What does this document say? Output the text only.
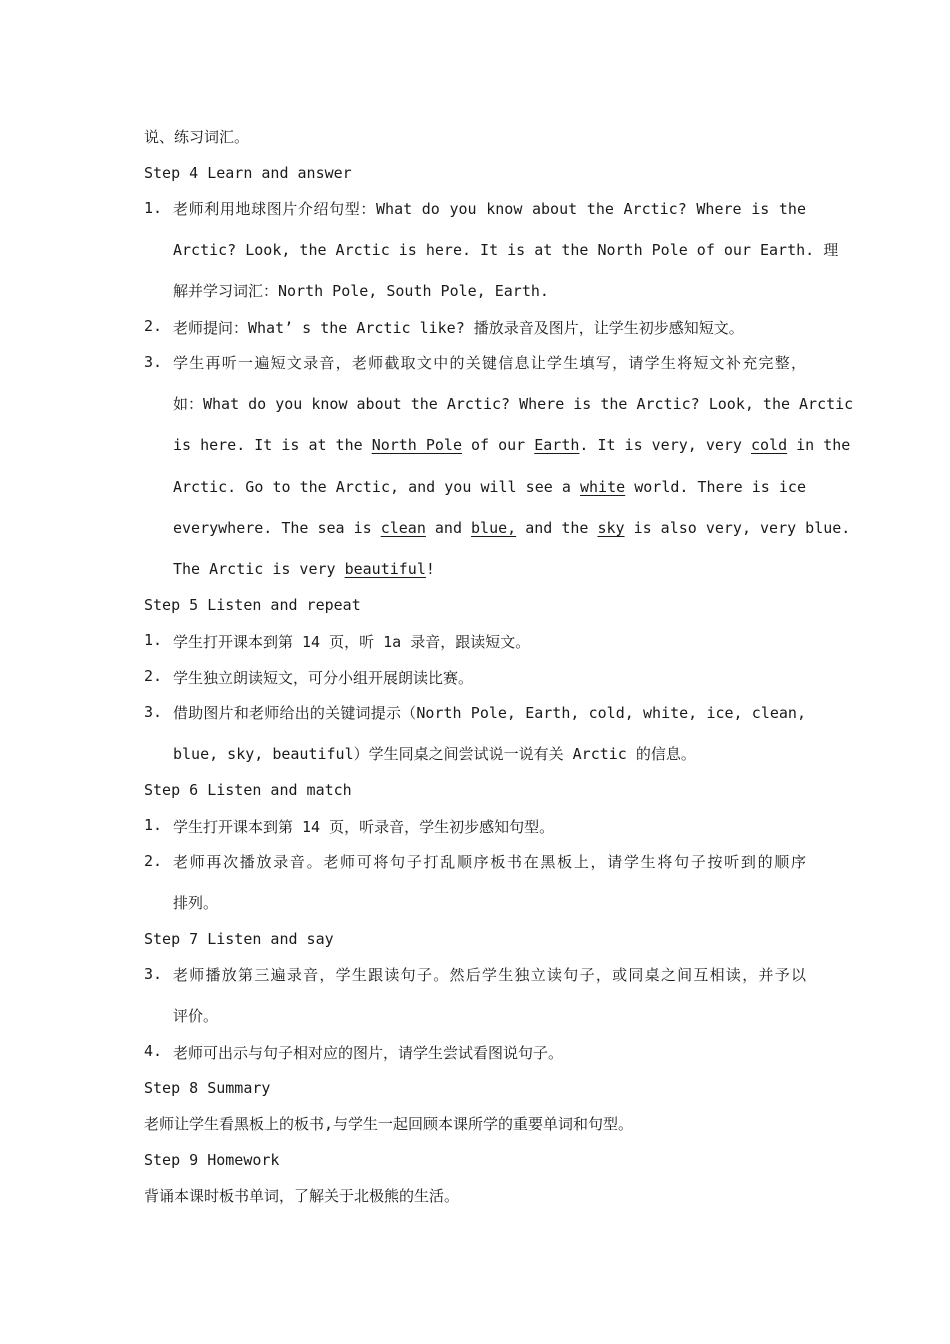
说、练习词汇。
Step 4 Learn and answer
1. 老师利用地球图片介绍句型：What do you know about the Arctic? Where is the
Arctic? Look, the Arctic is here. It is at the North Pole of our Earth. 理
解并学习词汇：North Pole, South Pole, Earth.
2. 老师提问：What’ s the Arctic like? 播放录音及图片，让学生初步感知短文。
3. 学生再听一遍短文录音，老师截取文中的关键信息让学生填写，请学生将短文补充完整，
如：What do you know about the Arctic? Where is the Arctic? Look, the Arctic
is here. It is at the North Pole of our Earth. It is very, very cold in the
Arctic. Go to the Arctic, and you will see a white world. There is ice
everywhere. The sea is clean and blue, and the sky is also very, very blue.
The Arctic is very beautiful!
Step 5 Listen and repeat
1. 学生打开课本到第 14 页，听 1a 录音，跟读短文。
2. 学生独立朗读短文，可分小组开展朗读比赛。
3. 借助图片和老师给出的关键词提示（North Pole, Earth, cold, white, ice, clean,
blue, sky, beautiful）学生同桌之间尝试说一说有关 Arctic 的信息。
Step 6 Listen and match
1. 学生打开课本到第 14 页，听录音，学生初步感知句型。
2. 老师再次播放录音。老师可将句子打乱顺序板书在黑板上，请学生将句子按听到的顺序
排列。
Step 7 Listen and say
3. 老师播放第三遍录音，学生跟读句子。然后学生独立读句子，或同桌之间互相读，并予以
评价。
4. 老师可出示与句子相对应的图片，请学生尝试看图说句子。
Step 8 Summary
老师让学生看黑板上的板书,与学生一起回顾本课所学的重要单词和句型。
Step 9 Homework
背诵本课时板书单词，了解关于北极熊的生活。
